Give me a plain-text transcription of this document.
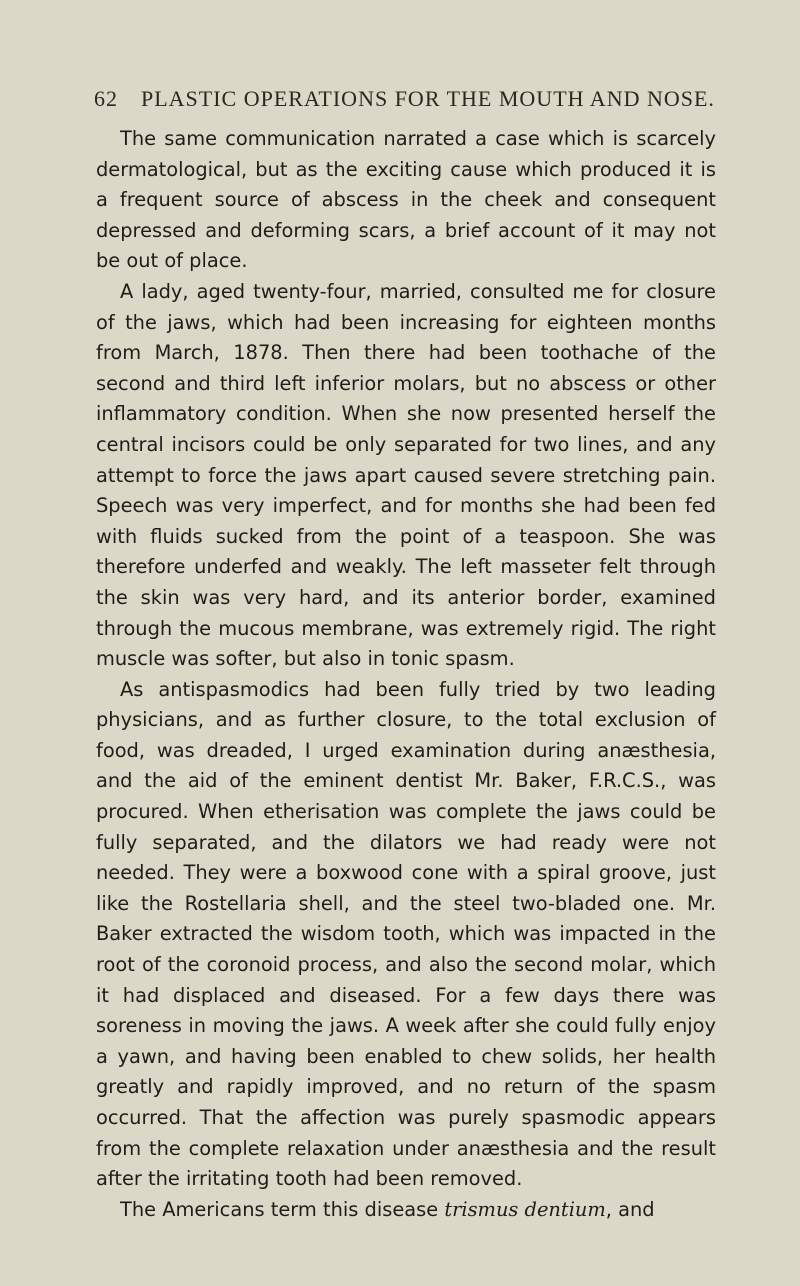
62 PLASTIC OPERATIONS FOR THE MOUTH AND NOSE.

The same communication narrated a case which is scarcely dermatological, but as the exciting cause which produced it is a frequent source of abscess in the cheek and consequent depressed and deforming scars, a brief account of it may not be out of place.

A lady, aged twenty-four, married, consulted me for closure of the jaws, which had been increasing for eighteen months from March, 1878. Then there had been toothache of the second and third left inferior molars, but no abscess or other inflammatory condition. When she now presented herself the central incisors could be only separated for two lines, and any attempt to force the jaws apart caused severe stretching pain. Speech was very imperfect, and for months she had been fed with fluids sucked from the point of a teaspoon. She was therefore underfed and weakly. The left masseter felt through the skin was very hard, and its anterior border, examined through the mucous membrane, was extremely rigid. The right muscle was softer, but also in tonic spasm.

As antispasmodics had been fully tried by two leading physicians, and as further closure, to the total exclusion of food, was dreaded, I urged examination during anæsthesia, and the aid of the eminent dentist Mr. Baker, F.R.C.S., was procured. When etherisation was complete the jaws could be fully separated, and the dilators we had ready were not needed. They were a boxwood cone with a spiral groove, just like the Rostellaria shell, and the steel two-bladed one. Mr. Baker extracted the wisdom tooth, which was impacted in the root of the coronoid process, and also the second molar, which it had displaced and diseased. For a few days there was soreness in moving the jaws. A week after she could fully enjoy a yawn, and having been enabled to chew solids, her health greatly and rapidly improved, and no return of the spasm occurred. That the affection was purely spasmodic appears from the complete relaxation under anæsthesia and the result after the irritating tooth had been removed.

The Americans term this disease trismus dentium, and
